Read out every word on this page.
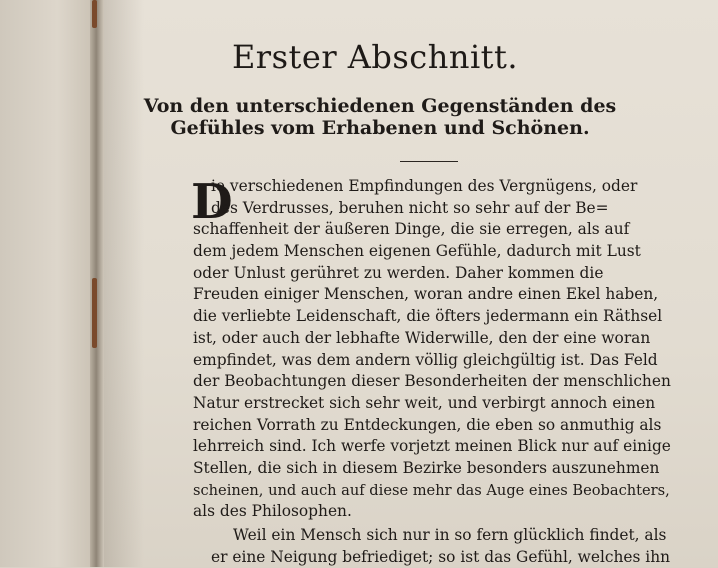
Erster Abschnitt.
Von den unterschiedenen Gegenständen des
Gefühles vom Erhabenen und Schönen.
D
ie verschiedenen Empfindungen des Vergnügens, oder
des Verdrusses, beruhen nicht so sehr auf der Be=
schaffenheit der äußeren Dinge, die sie erregen, als auf
dem jedem Menschen eigenen Gefühle, dadurch mit Lust
oder Unlust gerühret zu werden. Daher kommen die
Freuden einiger Menschen, woran andre einen Ekel haben,
die verliebte Leidenschaft, die öfters jedermann ein Räthsel
ist, oder auch der lebhafte Widerwille, den der eine woran
empfindet, was dem andern völlig gleichgültig ist. Das Feld
der Beobachtungen dieser Besonderheiten der menschlichen
Natur erstrecket sich sehr weit, und verbirgt annoch einen
reichen Vorrath zu Entdeckungen, die eben so anmuthig als
lehrreich sind. Ich werfe vorjetzt meinen Blick nur auf einige
Stellen, die sich in diesem Bezirke besonders auszunehmen
scheinen, und auch auf diese mehr das Auge eines Beobachters,
als des Philosophen.
Weil ein Mensch sich nur in so fern glücklich findet, als
er eine Neigung befriediget; so ist das Gefühl, welches ihn
